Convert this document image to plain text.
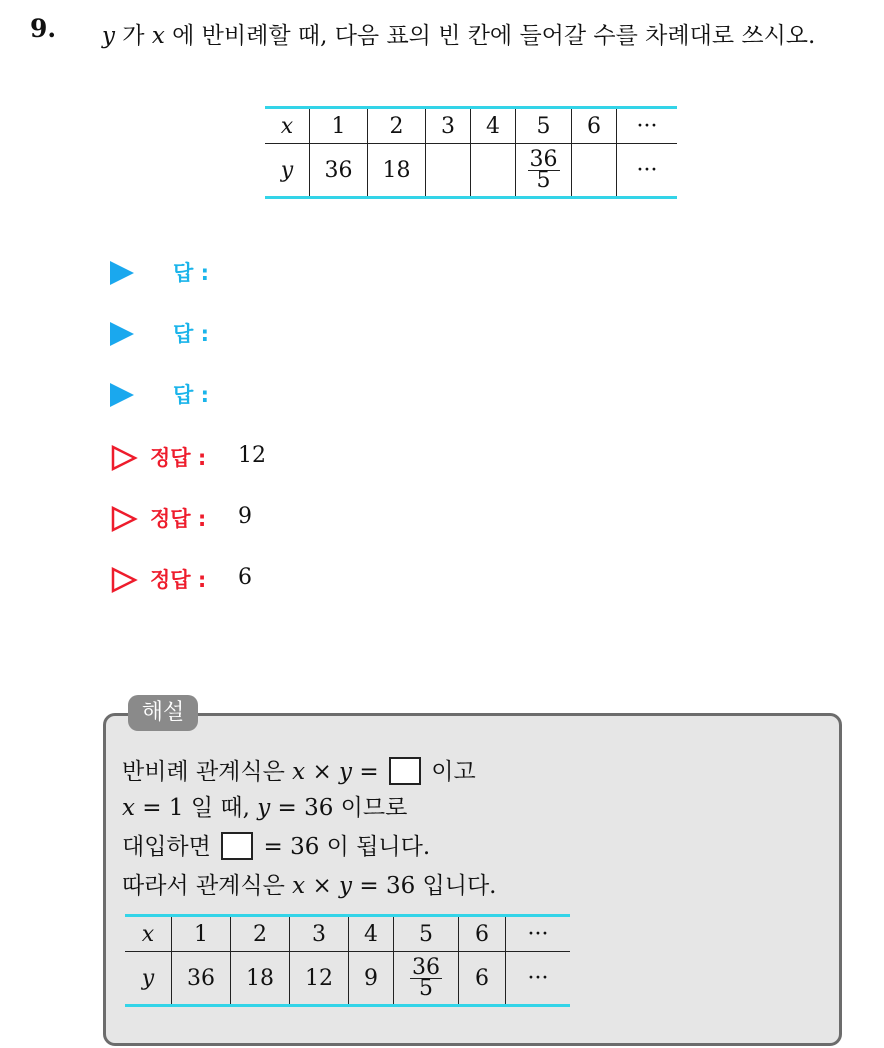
9. y 가 x 에 반비례할 때, 다음 표의 빈 칸에 들어갈 수를 차례대로 쓰시오.
x	1	2	3	4	5	6	···
y	36	18			$\frac{36}{5}$		···
답 :
답 :
답 :
정답 : 12
정답 : 9
정답 : 6
해설
반비례 관계식은 x × y =  이고
x = 1 일 때, y = 36 이므로
대입하면  = 36 이 됩니다.
따라서 관계식은 x × y = 36 입니다.
x	1	2	3	4	5	6	···
y	36	18	12	9	$\frac{36}{5}$	6	···
